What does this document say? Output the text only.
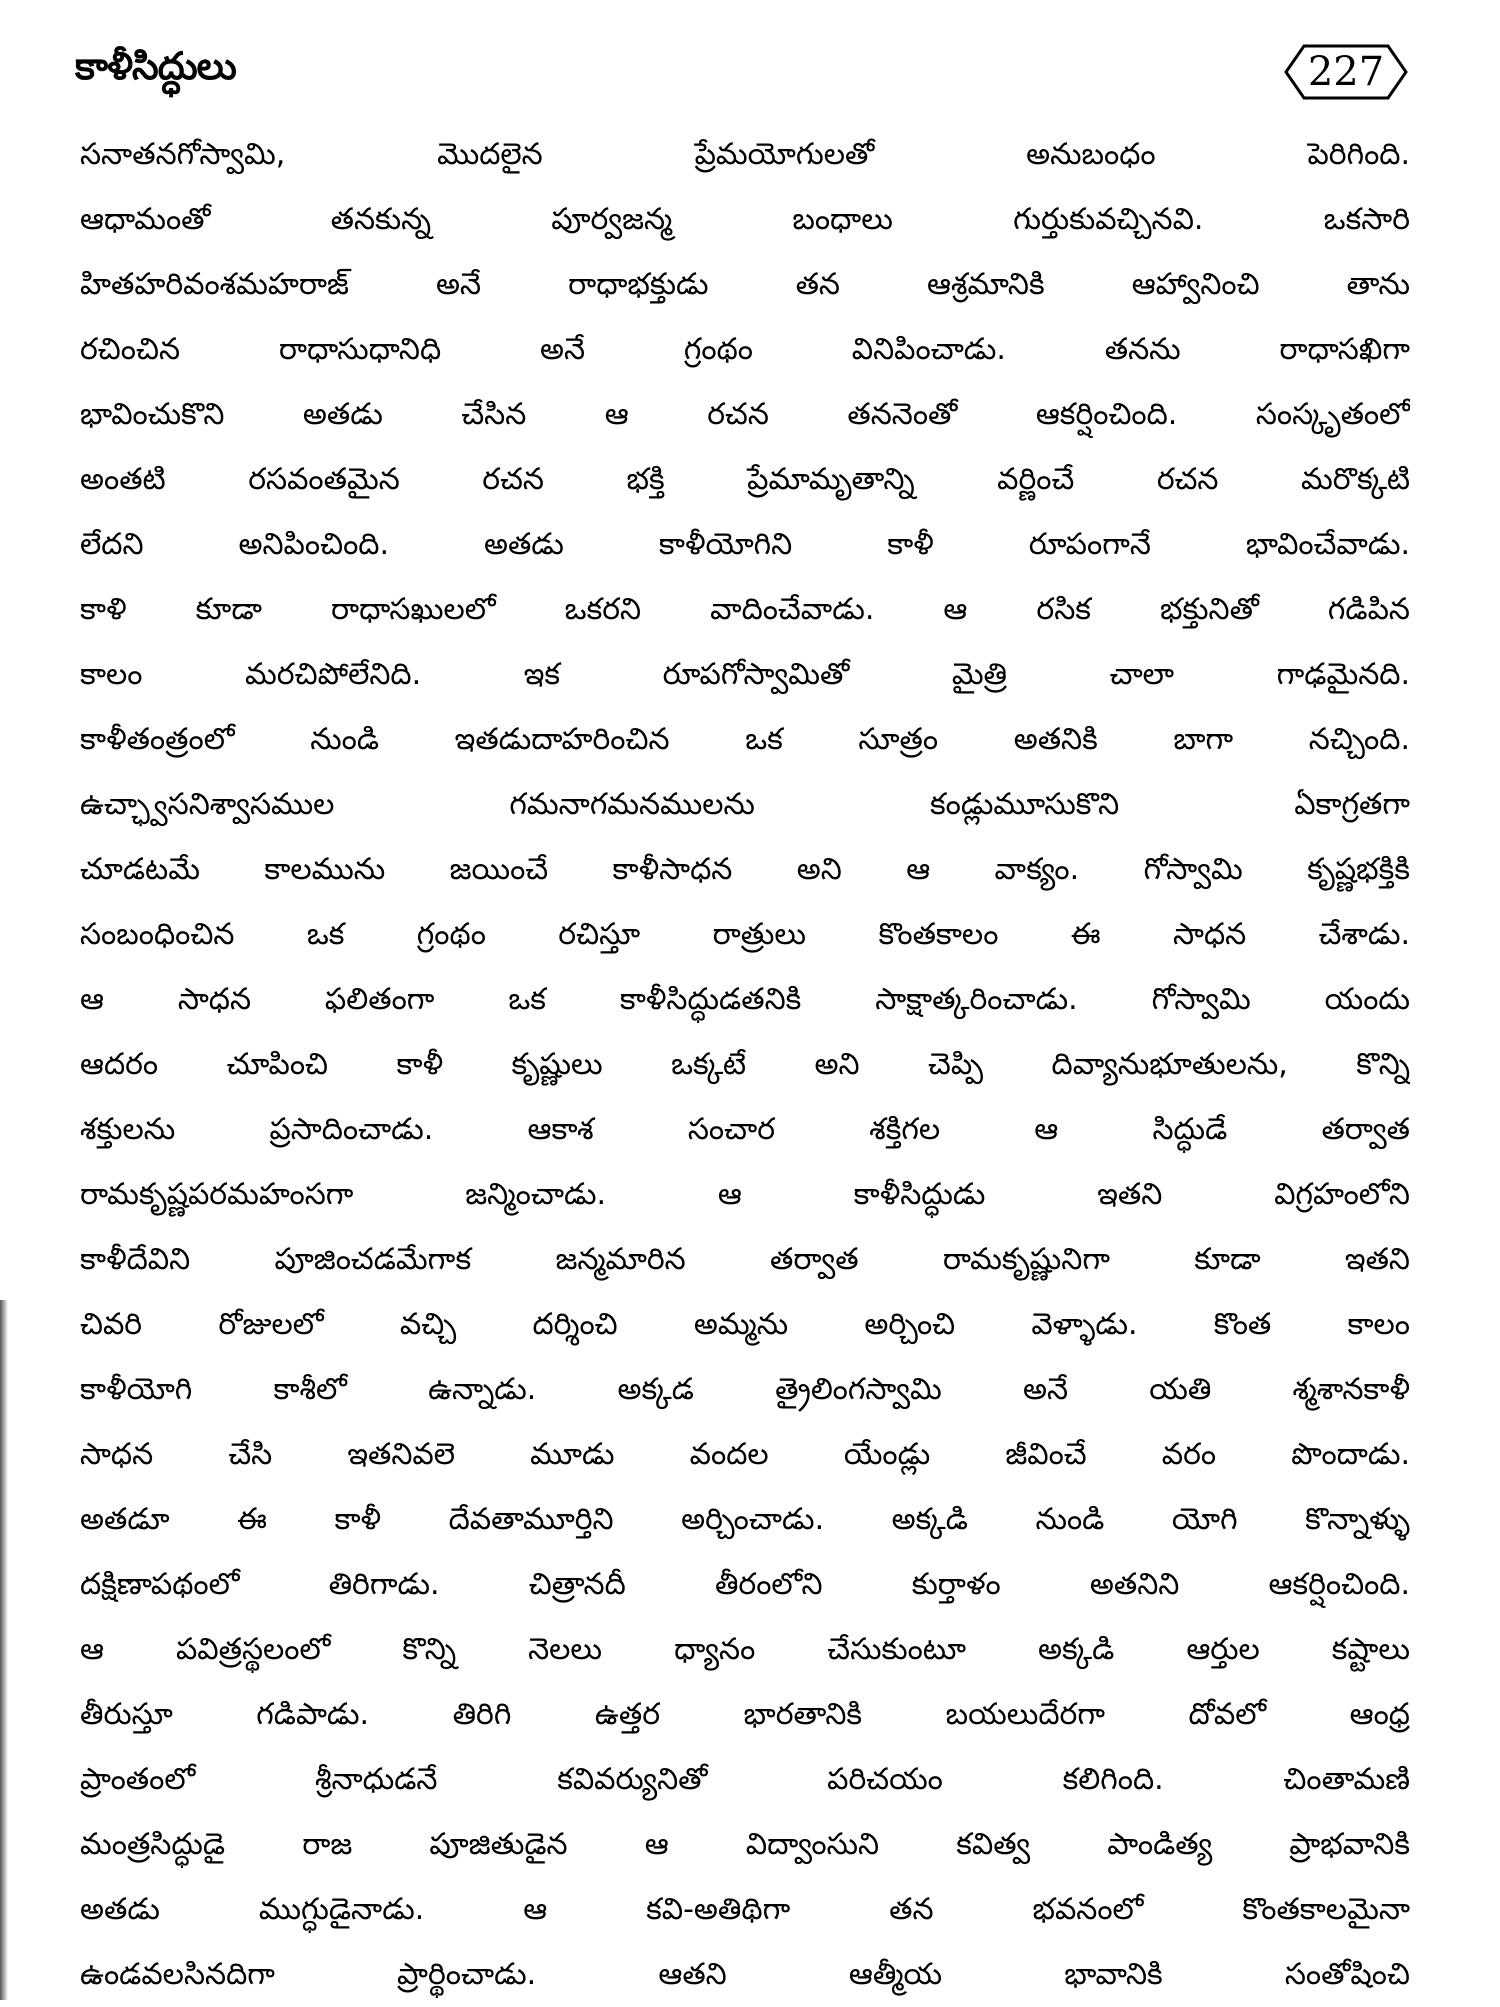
కాళీసిద్ధులు	227
సనాతనగోస్వామి, మొదలైన ప్రేమయోగులతో అనుబంధం పెరిగింది.
ఆధామంతో తనకున్న పూర్వజన్మ బంధాలు గుర్తుకువచ్చినవి. ఒకసారి
హితహరివంశమహరాజ్ అనే రాధాభక్తుడు తన ఆశ్రమానికి ఆహ్వానించి తాను
రచించిన రాధాసుధానిధి అనే గ్రంథం వినిపించాడు. తనను రాధాసఖిగా
భావించుకొని అతడు చేసిన ఆ రచన తననెంతో ఆకర్షించింది. సంస్కృతంలో
అంతటి రసవంతమైన రచన భక్తి ప్రేమామృతాన్ని వర్ణించే రచన మరొక్కటి
లేదని అనిపించింది. అతడు కాళీయోగిని కాళీ రూపంగానే భావించేవాడు.
కాళి కూడా రాధాసఖులలో ఒకరని వాదించేవాడు. ఆ రసిక భక్తునితో గడిపిన
కాలం మరచిపోలేనిది. ఇక రూపగోస్వామితో మైత్రి చాలా గాఢమైనది.
కాళీతంత్రంలో నుండి ఇతడుదాహరించిన ఒక సూత్రం అతనికి బాగా నచ్చింది.
ఉచ్ఛ్వాసనిశ్వాసముల గమనాగమనములను కండ్లుమూసుకొని ఏకాగ్రతగా
చూడటమే కాలమును జయించే కాళీసాధన అని ఆ వాక్యం. గోస్వామి కృష్ణభక్తికి
సంబంధించిన ఒక గ్రంథం రచిస్తూ రాత్రులు కొంతకాలం ఈ సాధన చేశాడు.
ఆ సాధన ఫలితంగా ఒక కాళీసిద్ధుడతనికి సాక్షాత్కరించాడు. గోస్వామి యందు
ఆదరం చూపించి కాళీ కృష్ణులు ఒక్కటే అని చెప్పి దివ్యానుభూతులను, కొన్ని
శక్తులను ప్రసాదించాడు. ఆకాశ సంచార శక్తిగల ఆ సిద్ధుడే తర్వాత
రామకృష్ణపరమహంసగా జన్మించాడు. ఆ కాళీసిద్ధుడు ఇతని విగ్రహంలోని
కాళీదేవిని పూజించడమేగాక జన్మమారిన తర్వాత రామకృష్ణునిగా కూడా ఇతని
చివరి రోజులలో వచ్చి దర్శించి అమ్మను అర్చించి వెళ్ళాడు. కొంత కాలం
కాళీయోగి కాశీలో ఉన్నాడు. అక్కడ త్రైలింగస్వామి అనే యతి శ్మశానకాళీ
సాధన చేసి ఇతనివలె మూడు వందల యేండ్లు జీవించే వరం పొందాడు.
అతడూ ఈ కాళీ దేవతామూర్తిని అర్చించాడు. అక్కడి నుండి యోగి కొన్నాళ్ళు
దక్షిణాపథంలో తిరిగాడు. చిత్రానదీ తీరంలోని కుర్తాళం అతనిని ఆకర్షించింది.
ఆ పవిత్రస్థలంలో కొన్ని నెలలు ధ్యానం చేసుకుంటూ అక్కడి ఆర్తుల కష్టాలు
తీరుస్తూ గడిపాడు. తిరిగి ఉత్తర భారతానికి బయలుదేరగా దోవలో ఆంధ్ర
ప్రాంతంలో శ్రీనాధుడనే కవివర్యునితో పరిచయం కలిగింది. చింతామణి
మంత్రసిద్ధుడై రాజ పూజితుడైన ఆ విద్వాంసుని కవిత్వ పాండిత్య ప్రాభవానికి
అతడు ముగ్ధుడైనాడు. ఆ కవి-అతిథిగా తన భవనంలో కొంతకాలమైనా
ఉండవలసినదిగా ప్రార్థించాడు. ఆతని ఆత్మీయ భావానికి సంతోషించి
